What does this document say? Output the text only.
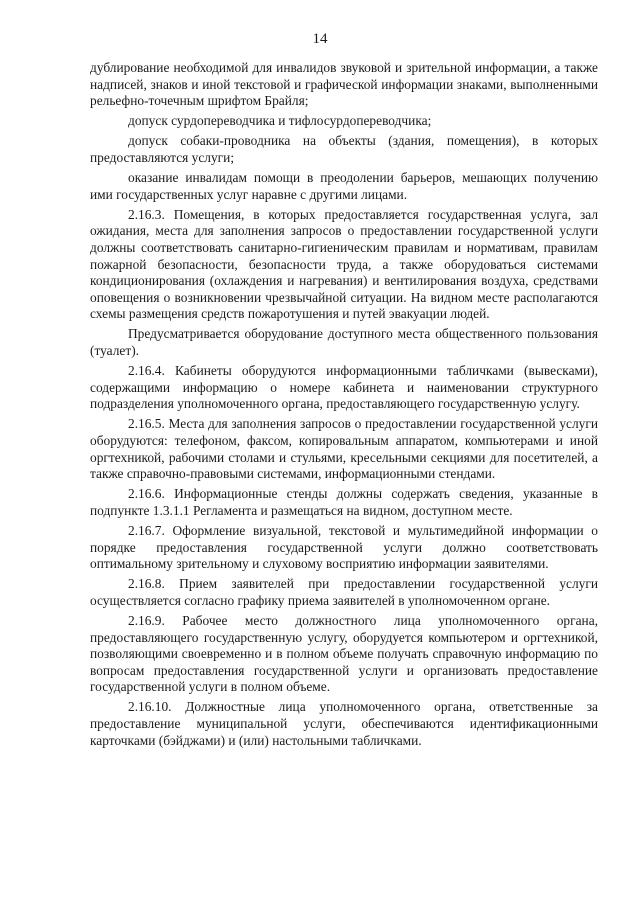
14

дублирование необходимой для инвалидов звуковой и зрительной информации, а также надписей, знаков и иной текстовой и графической информации знаками, выполненными рельефно-точечным шрифтом Брайля;

допуск сурдопереводчика и тифлосурдопереводчика;

допуск собаки-проводника на объекты (здания, помещения), в которых предоставляются услуги;

оказание инвалидам помощи в преодолении барьеров, мешающих получению ими государственных услуг наравне с другими лицами.

2.16.3. Помещения, в которых предоставляется государственная услуга, зал ожидания, места для заполнения запросов о предоставлении государственной услуги должны соответствовать санитарно-гигиеническим правилам и нормативам, правилам пожарной безопасности, безопасности труда, а также оборудоваться системами кондиционирования (охлаждения и нагревания) и вентилирования воздуха, средствами оповещения о возникновении чрезвычайной ситуации. На видном месте располагаются схемы размещения средств пожаротушения и путей эвакуации людей.

Предусматривается оборудование доступного места общественного пользования (туалет).

2.16.4. Кабинеты оборудуются информационными табличками (вывесками), содержащими информацию о номере кабинета и наименовании структурного подразделения уполномоченного органа, предоставляющего государственную услугу.

2.16.5. Места для заполнения запросов о предоставлении государственной услуги оборудуются: телефоном, факсом, копировальным аппаратом, компьютерами и иной оргтехникой, рабочими столами и стульями, кресельными секциями для посетителей, а также справочно-правовыми системами, информационными стендами.

2.16.6. Информационные стенды должны содержать сведения, указанные в подпункте 1.3.1.1 Регламента и размещаться на видном, доступном месте.

2.16.7. Оформление визуальной, текстовой и мультимедийной информации о порядке предоставления государственной услуги должно соответствовать оптимальному зрительному и слуховому восприятию информации заявителями.

2.16.8. Прием заявителей при предоставлении государственной услуги осуществляется согласно графику приема заявителей в уполномоченном органе.

2.16.9. Рабочее место должностного лица уполномоченного органа, предоставляющего государственную услугу, оборудуется компьютером и оргтехникой, позволяющими своевременно и в полном объеме получать справочную информацию по вопросам предоставления государственной услуги и организовать предоставление государственной услуги в полном объеме.

2.16.10. Должностные лица уполномоченного органа, ответственные за предоставление муниципальной услуги, обеспечиваются идентификационными карточками (бэйджами) и (или) настольными табличками.
